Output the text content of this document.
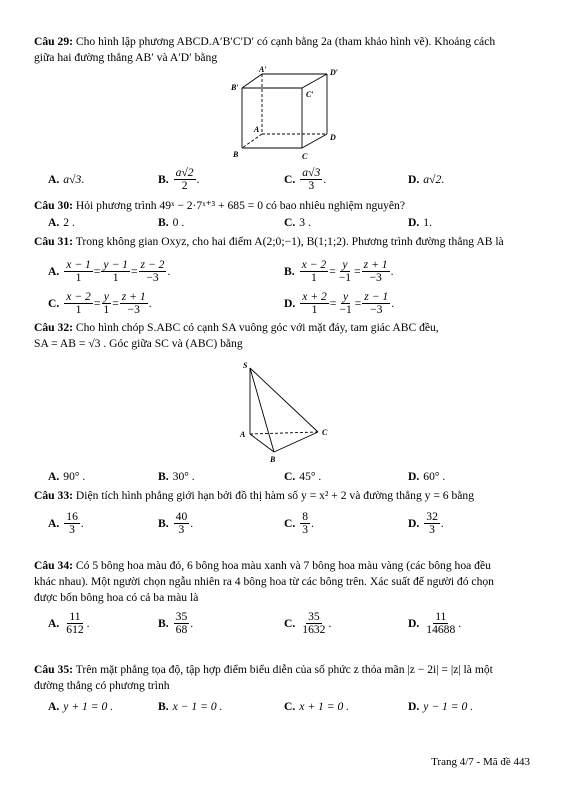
Câu 29: Cho hình lập phương ABCD.A′B′C′D′ có cạnh bằng 2a (tham khảo hình vẽ). Khoảng cách
giữa hai đường thẳng AB′ và A′D′ bằng
A′	D′
B′
C′
A
D
B	C
A. a√3 .	B. $\frac{a√2}{2}$ .	C. $\frac{a√3}{3}$ .	D. a√2 .
Câu 30: Hỏi phương trình 49ˣ − 2·7ˣ⁺³ + 685 = 0 có bao nhiêu nghiệm nguyên?
A. 2 .	B. 0 .	C. 3 .	D. 1.
Câu 31: Trong không gian Oxyz, cho hai điểm A(2;0;−1), B(1;1;2). Phương trình đường thẳng AB là
A. $\frac{x - 1}{1} = \frac{y - 1}{1} = \frac{z - 2}{-3}$ .	B. $\frac{x - 2}{1} = \frac{y}{-1} = \frac{z + 1}{-3}$ .
C. $\frac{x - 2}{1} = \frac{y}{1} = \frac{z + 1}{-3}$ .	D. $\frac{x + 2}{1} = \frac{y}{-1} = \frac{z - 1}{-3}$ .
Câu 32: Cho hình chóp S.ABC có cạnh SA vuông góc với mặt đáy, tam giác ABC đều,
SA = AB = √3 . Góc giữa SC và (ABC) bằng
S
A
B
C
A. 90° .	B. 30° .	C. 45° .	D. 60° .
Câu 33: Diện tích hình phẳng giới hạn bởi đồ thị hàm số y = x² + 2 và đường thẳng y = 6 bằng
A. $\frac{16}{3}$ .	B. $\frac{40}{3}$ .	C. $\frac{8}{3}$ .	D. $\frac{32}{3}$ .
Câu 34: Có 5 bông hoa màu đỏ, 6 bông hoa màu xanh và 7 bông hoa màu vàng (các bông hoa đều
khác nhau). Một người chọn ngẫu nhiên ra 4 bông hoa từ các bông trên. Xác suất để người đó chọn
được bốn bông hoa có cả ba màu là
A. $\frac{11}{612}$ .	B. $\frac{35}{68}$ .	C. $\frac{35}{1632}$ .	D. $\frac{11}{14688}$ .
Câu 35: Trên mặt phẳng tọa độ, tập hợp điểm biểu diễn của số phức z thỏa mãn |z − 2i| = |z| là một
đường thẳng có phương trình
A. y + 1 = 0 .	B. x − 1 = 0 .	C. x + 1 = 0 .	D. y − 1 = 0 .
Trang 4/7 - Mã đề 443
